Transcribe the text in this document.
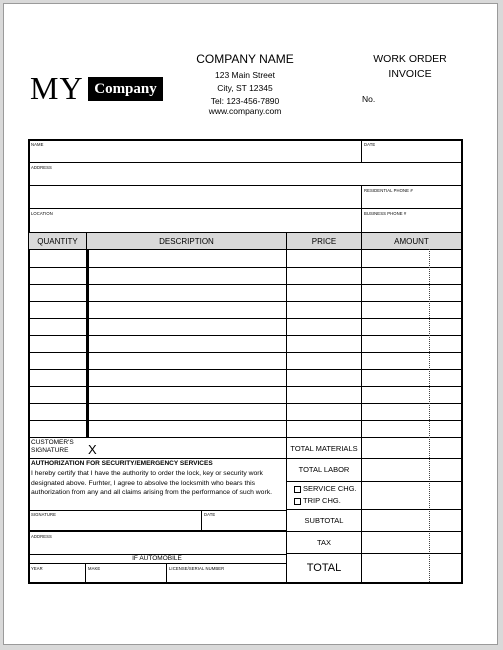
MY Company
COMPANY NAME
123 Main Street
City, ST 12345
Tel: 123-456-7890
www.company.com
WORK ORDER
INVOICE
No.
NAME	DATE
ADDRESS
RESIDENTIAL PHONE #
LOCATION	BUSINESS PHONE #
QUANTITY	DESCRIPTION	PRICE	AMOUNT
CUSTOMER'S SIGNATURE	X
AUTHORIZATION FOR SECURITY/EMERGENCY SERVICES
I hereby certify that I have the authority to order the lock, key or security work designated above. Furhter, I agree to absolve the locksmith who bears this authorization from any and all claims arising from the performance of such work.
SIGNATURE	DATE
ADDRESS
IF AUTOMOBILE
YEAR	MAKE	LICENSE/SERIAL NUMBER
TOTAL MATERIALS
TOTAL LABOR
SERVICE CHG.
TRIP CHG.
SUBTOTAL
TAX
TOTAL
